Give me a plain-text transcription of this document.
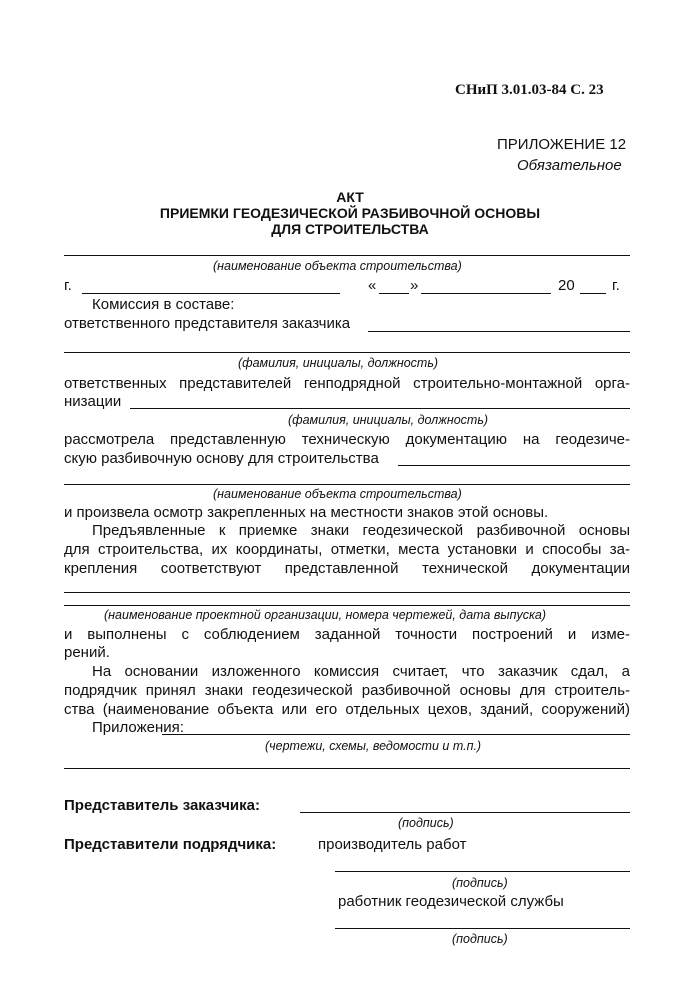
СНиП 3.01.03-84 С. 23
ПРИЛОЖЕНИЕ 12
Обязательное
АКТ
ПРИЕМКИ ГЕОДЕЗИЧЕСКОЙ РАЗБИВОЧНОЙ ОСНОВЫ
ДЛЯ СТРОИТЕЛЬСТВА
(наименование объекта строительства)
г.	« »	20 г.
Комиссия в составе:
ответственного представителя заказчика
(фамилия, инициалы, должность)
ответственных представителей генподрядной строительно-монтажной орга-
низации
(фамилия, инициалы, должность)
рассмотрела представленную техническую документацию на геодезиче-
скую разбивочную основу для строительства
(наименование объекта строительства)
и произвела осмотр закрепленных на местности знаков этой основы.
Предъявленные к приемке знаки геодезической разбивочной основы
для строительства, их координаты, отметки, места установки и способы за-
крепления соответствуют представленной технической документации
(наименование проектной организации, номера чертежей, дата выпуска)
и выполнены с соблюдением заданной точности построений и изме-
рений.
На основании изложенного комиссия считает, что заказчик сдал, а
подрядчик принял знаки геодезической разбивочной основы для строитель-
ства (наименование объекта или его отдельных цехов, зданий, сооружений)
Приложения:
(чертежи, схемы, ведомости и т.п.)
Представитель заказчика:
(подпись)
Представители подрядчика:	производитель работ
(подпись)
работник геодезической службы
(подпись)
